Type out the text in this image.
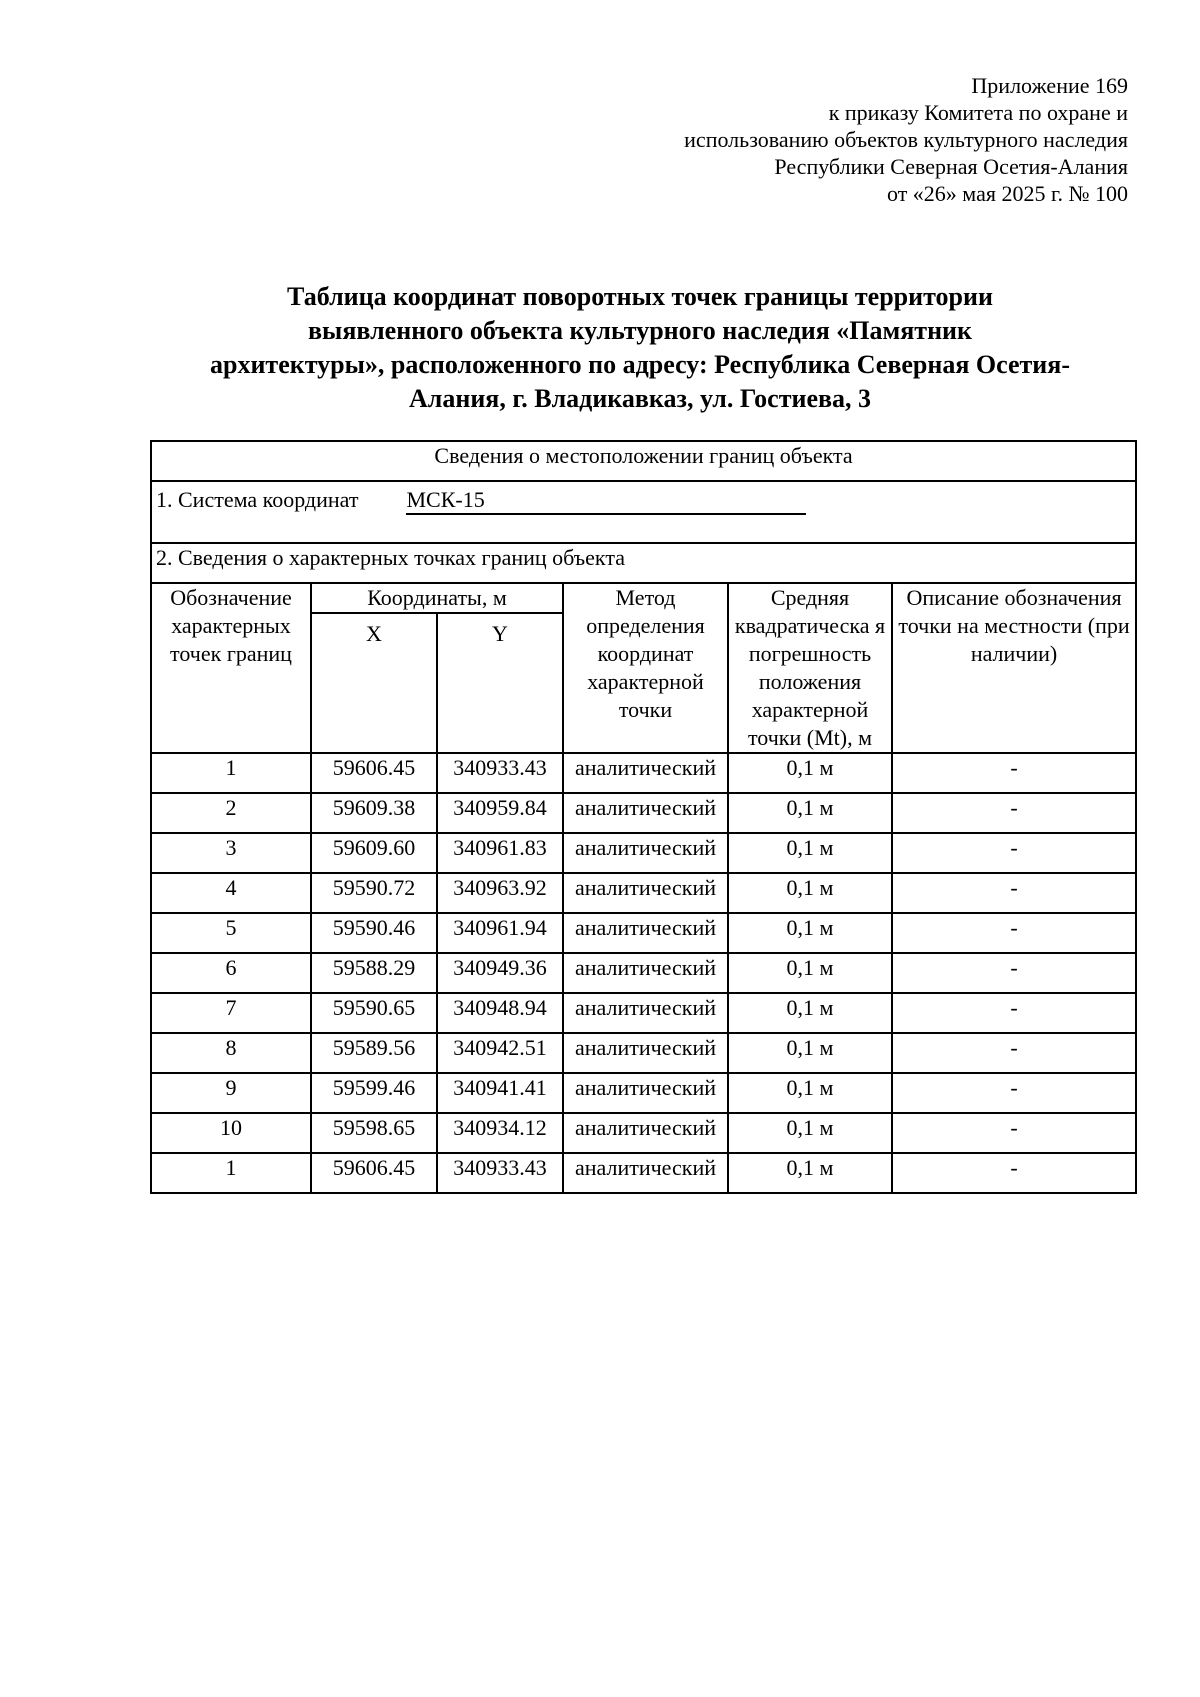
Приложение 169
к приказу Комитета по охране и
использованию объектов культурного наследия
Республики Северная Осетия-Алания
от «26» мая 2025 г. № 100
Таблица координат поворотных точек границы территории
выявленного объекта культурного наследия «Памятник
архитектуры», расположенного по адресу: Республика Северная Осетия-
Алания, г. Владикавказ, ул. Гостиева, 3
Сведения о местоположении границ объекта					

1. Система координат МСК-15					

2. Сведения о характерных точках границ объекта					
Обозначение характерных точек границ	Координаты, м		Метод определения координат характерной точки	Средняя квадратическа я погрешность положения характерной точки (Mt), м	Описание обозначения точки на местности (при наличии)
	X	Y			
1	59606.45	340933.43	аналитический	0,1 м	-
2	59609.38	340959.84	аналитический	0,1 м	-
3	59609.60	340961.83	аналитический	0,1 м	-
4	59590.72	340963.92	аналитический	0,1 м	-
5	59590.46	340961.94	аналитический	0,1 м	-
6	59588.29	340949.36	аналитический	0,1 м	-
7	59590.65	340948.94	аналитический	0,1 м	-
8	59589.56	340942.51	аналитический	0,1 м	-
9	59599.46	340941.41	аналитический	0,1 м	-
10	59598.65	340934.12	аналитический	0,1 м	-
1	59606.45	340933.43	аналитический	0,1 м	-
